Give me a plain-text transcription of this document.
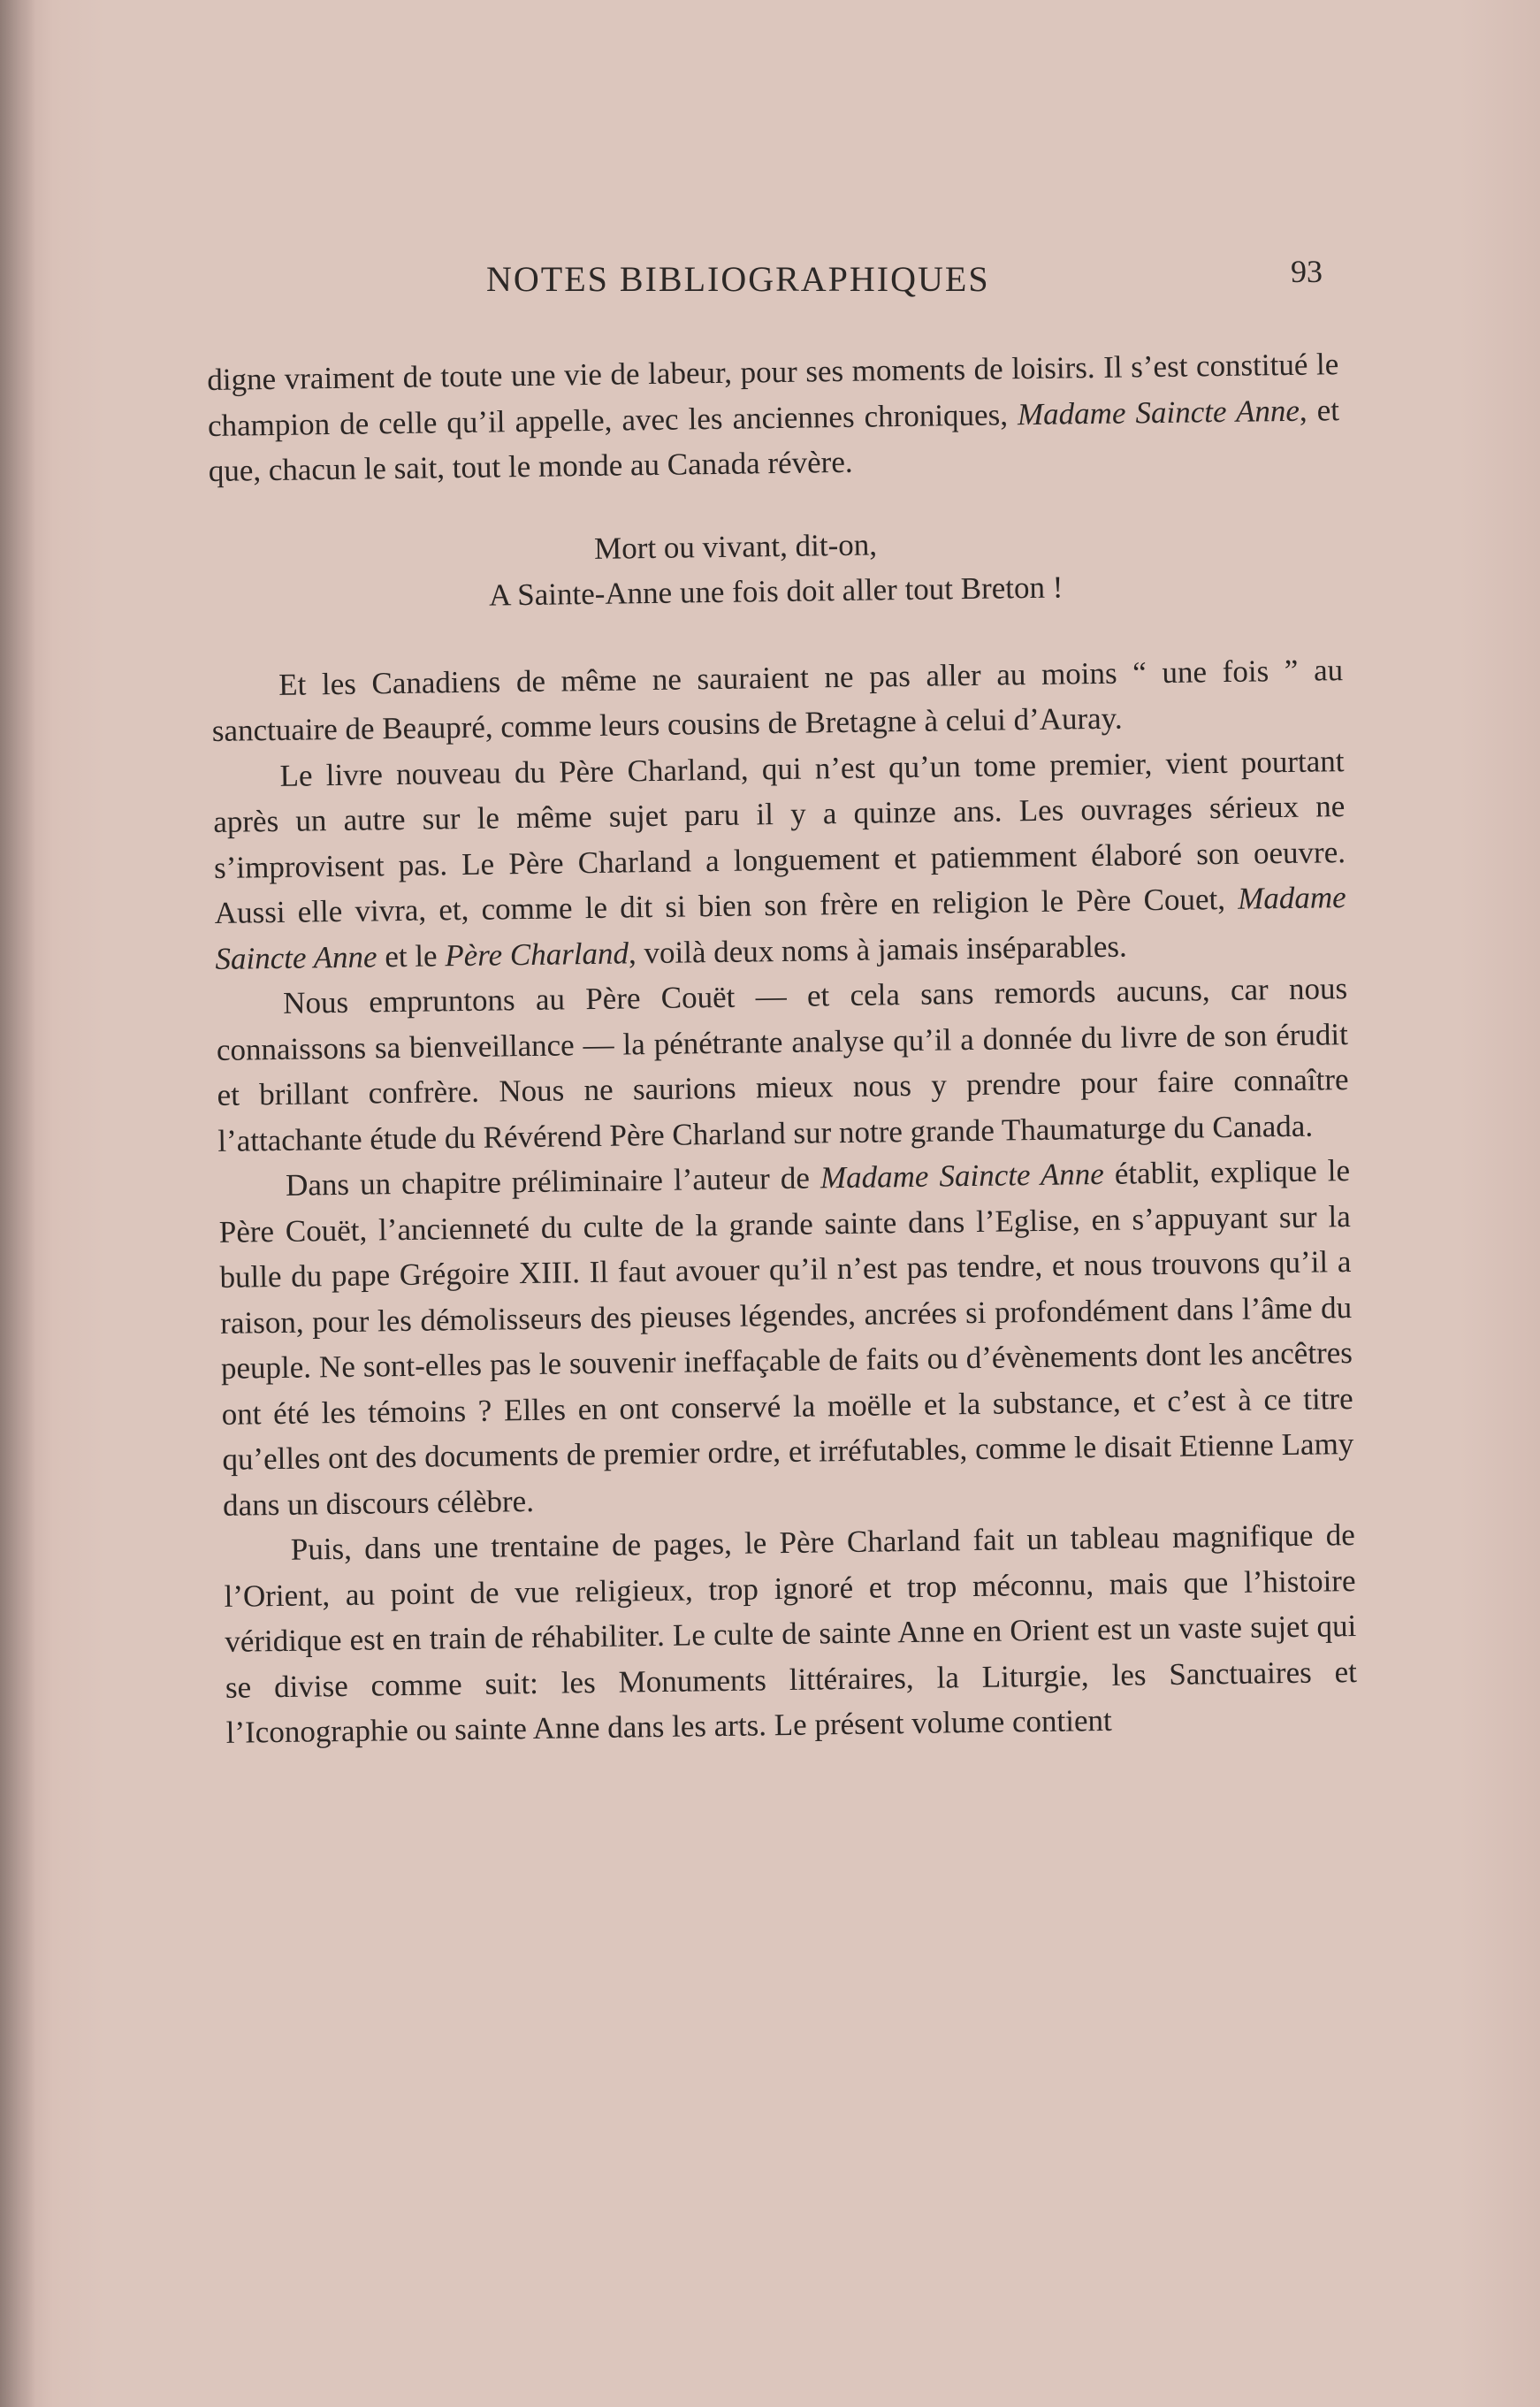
NOTES BIBLIOGRAPHIQUES	93

digne vraiment de toute une vie de labeur, pour ses moments de loisirs. Il s’est constitué le champion de celle qu’il appelle, avec les anciennes chroniques, Madame Saincte Anne, et que, chacun le sait, tout le monde au Canada révère.

Mort ou vivant, dit-on,
A Sainte-Anne une fois doit aller tout Breton !

Et les Canadiens de même ne sauraient ne pas aller au moins “ une fois ” au sanctuaire de Beaupré, comme leurs cousins de Bretagne à celui d’Auray.

Le livre nouveau du Père Charland, qui n’est qu’un tome premier, vient pourtant après un autre sur le même sujet paru il y a quinze ans. Les ouvrages sérieux ne s’improvisent pas. Le Père Charland a longuement et patiemment élaboré son oeuvre. Aussi elle vivra, et, comme le dit si bien son frère en religion le Père Couet, Madame Saincte Anne et le Père Charland, voilà deux noms à jamais inséparables.

Nous empruntons au Père Couët — et cela sans remords aucuns, car nous connaissons sa bienveillance — la pénétrante analyse qu’il a donnée du livre de son érudit et brillant confrère. Nous ne saurions mieux nous y prendre pour faire connaître l’attachante étude du Révérend Père Charland sur notre grande Thaumaturge du Canada.

Dans un chapitre préliminaire l’auteur de Madame Saincte Anne établit, explique le Père Couët, l’ancienneté du culte de la grande sainte dans l’Eglise, en s’appuyant sur la bulle du pape Grégoire XIII. Il faut avouer qu’il n’est pas tendre, et nous trouvons qu’il a raison, pour les démolisseurs des pieuses légendes, ancrées si profondément dans l’âme du peuple. Ne sont-elles pas le souvenir ineffaçable de faits ou d’évènements dont les ancêtres ont été les témoins ? Elles en ont conservé la moëlle et la substance, et c’est à ce titre qu’elles ont des documents de premier ordre, et irréfutables, comme le disait Etienne Lamy dans un discours célèbre.

Puis, dans une trentaine de pages, le Père Charland fait un tableau magnifique de l’Orient, au point de vue religieux, trop ignoré et trop méconnu, mais que l’histoire véridique est en train de réhabiliter. Le culte de sainte Anne en Orient est un vaste sujet qui se divise comme suit: les Monuments littéraires, la Liturgie, les Sanctuaires et l’Iconographie ou sainte Anne dans les arts. Le présent volume contient
